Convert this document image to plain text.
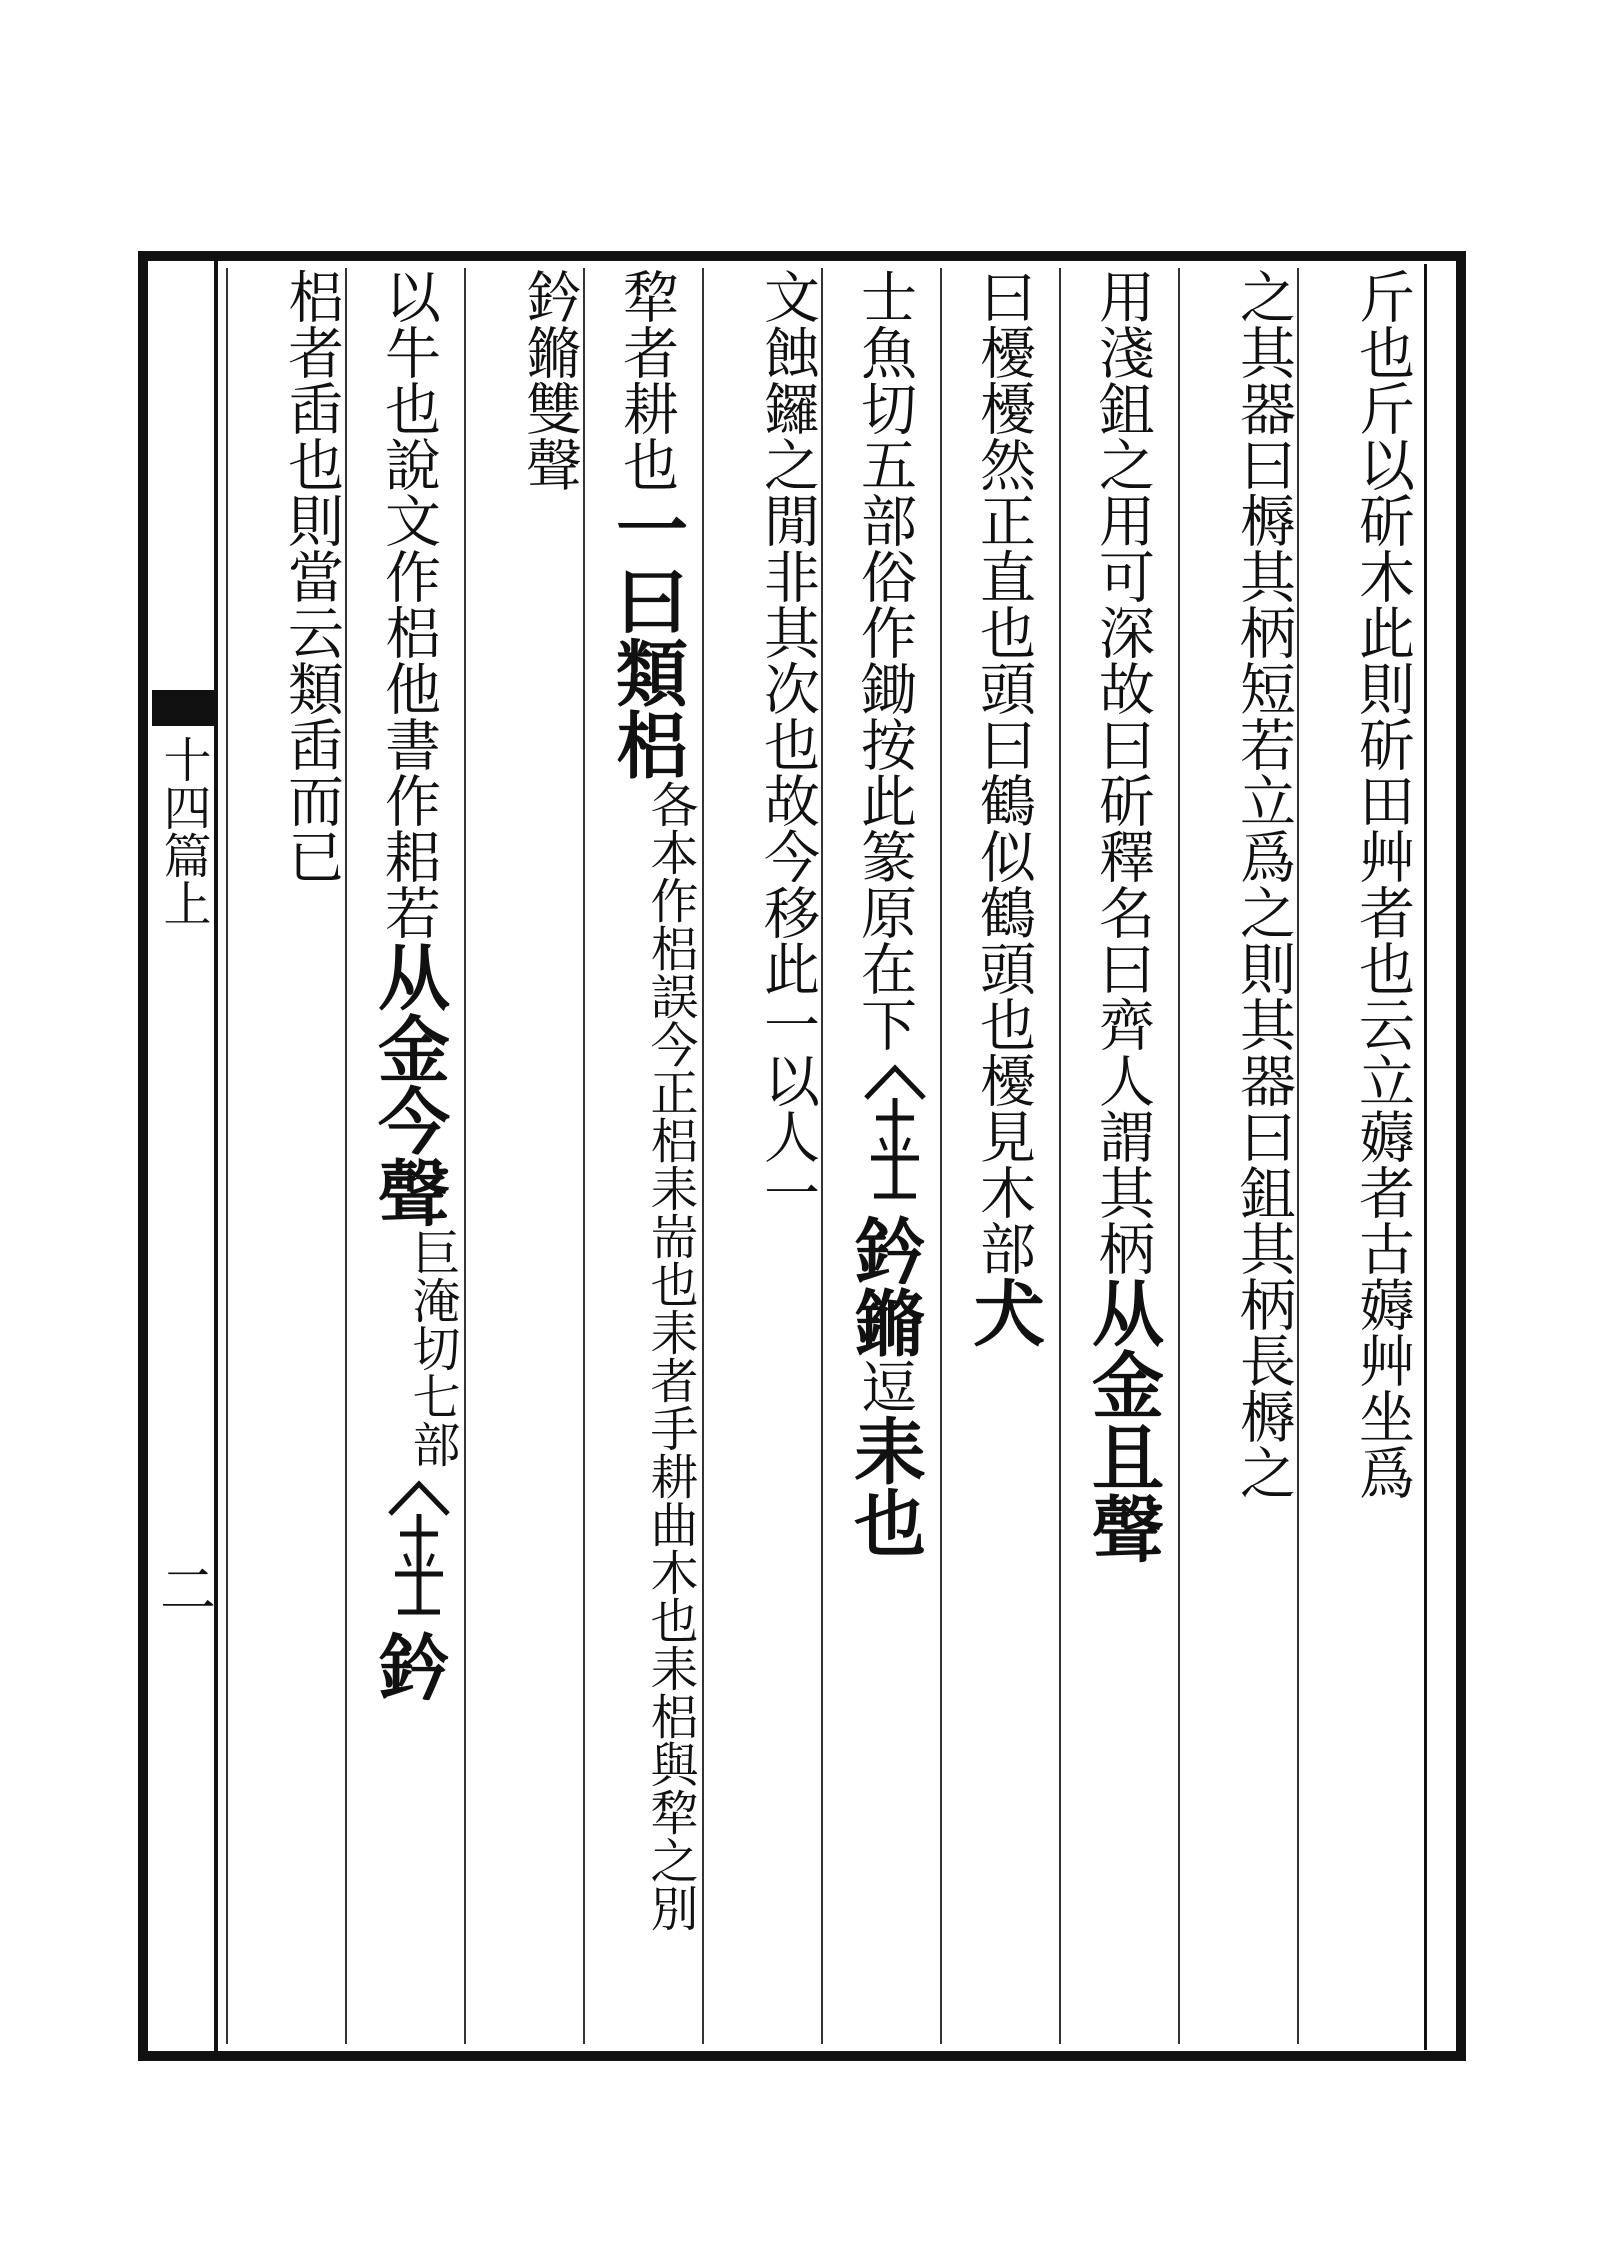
十四篇上
二
斤也斤以斫木此則斫田艸者也云立薅者古薅艸坐爲
之其器曰槈其柄短若立爲之則其器曰鉏其柄長槈之
用淺鉏之用可深故曰斫釋名曰齊人謂其柄从金且聲
曰櫌櫌然正直也頭曰鶴似鶴頭也櫌見木部犬
士魚切五部俗作鋤按此篆原在下
鈐鏅逗耒也
文蝕鑼之閒非其次也故今移此一以人一
犂者耕也一曰類梠各本作梠誤今正梠耒耑也耒者手耕曲木也耒梠與犂之別
鈐鏅雙聲
以牛也說文作梠他書作耜若从金今聲巨淹切七部
鈐
梠者臿也則當云類臿而已
